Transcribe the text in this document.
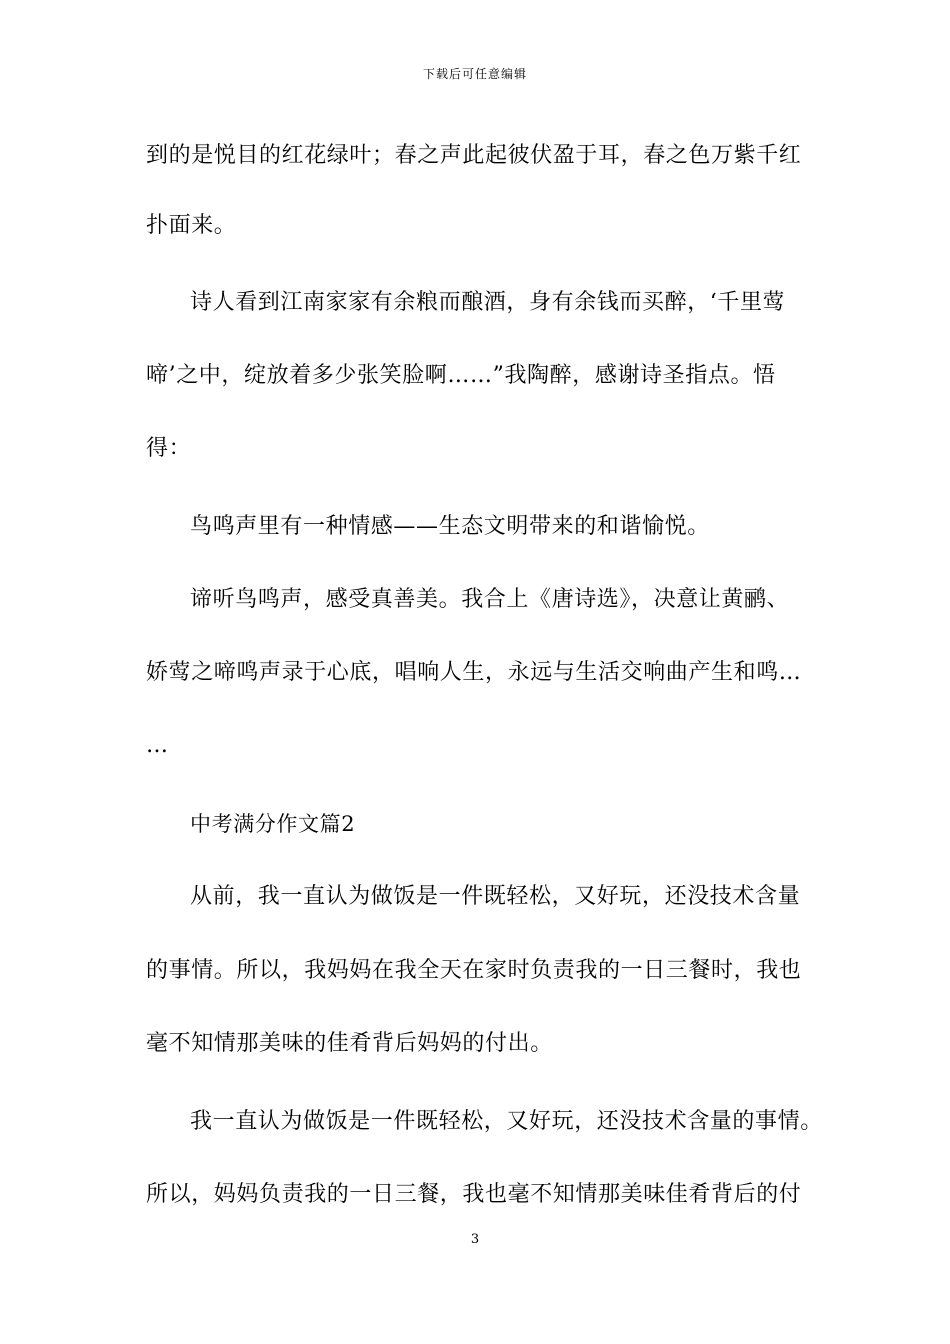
下载后可任意编辑
到的是悦目的红花绿叶；春之声此起彼伏盈于耳，春之色万紫千红
扑面来。
诗人看到江南家家有余粮而酿酒，身有余钱而买醉，‘千里莺
啼’之中，绽放着多少张笑脸啊……”我陶醉，感谢诗圣指点。悟
得：
鸟鸣声里有一种情感——生态文明带来的和谐愉悦。
谛听鸟鸣声，感受真善美。我合上《唐诗选》，决意让黄鹂、
娇莺之啼鸣声录于心底，唱响人生，永远与生活交响曲产生和鸣…
…
中考满分作文篇2
从前，我一直认为做饭是一件既轻松，又好玩，还没技术含量
的事情。所以，我妈妈在我全天在家时负责我的一日三餐时，我也
毫不知情那美味的佳肴背后妈妈的付出。
我一直认为做饭是一件既轻松，又好玩，还没技术含量的事情。
所以，妈妈负责我的一日三餐，我也毫不知情那美味佳肴背后的付
3
